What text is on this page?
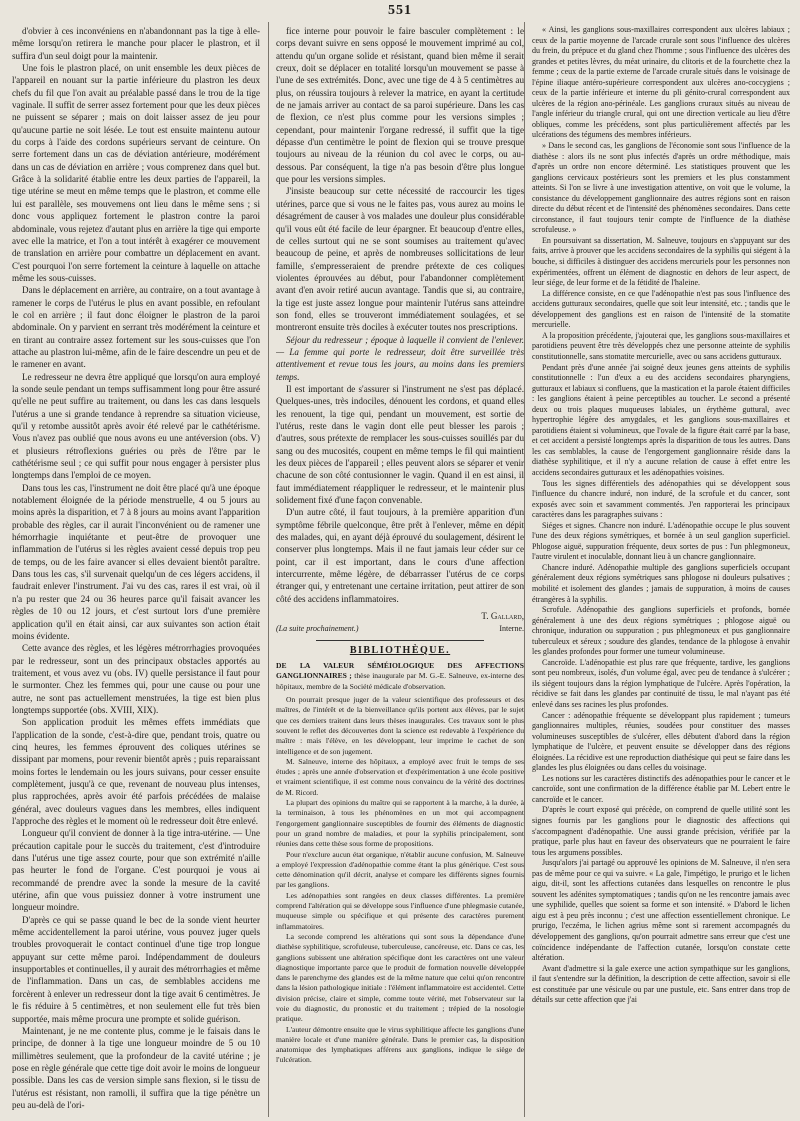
551

d'obvier à ces inconvéniens en n'abandonnant pas la tige à elle-même lorsqu'on retirera le manche pour placer le plastron, et il suffira d'un seul doigt pour la maintenir.

Une fois le plastron placé, on unit ensemble les deux pièces de l'appareil en nouant sur la partie inférieure du plastron les deux chefs du fil que l'on avait au préalable passé dans le trou de la tige vaginale. Il suffit de serrer assez fortement pour que les deux pièces ne puissent se séparer ; mais on doit laisser assez de jeu pour qu'aucune partie ne soit lésée. Le tout est ensuite maintenu autour du corps à l'aide des cordons supérieurs servant de ceinture. On serre fortement dans un cas de déviation antérieure, modérément dans un cas de déviation en arrière ; vous comprenez dans quel but. Grâce à la solidarité établie entre les deux parties de l'appareil, la tige utérine se meut en même temps que le plastron, et comme elle lui est parallèle, ses mouvemens ont lieu dans le même sens ; si donc vous appliquez fortement le plastron contre la paroi abdominale, vous rejetez d'autant plus en arrière la tige qui emporte avec elle la matrice, et l'on a tout intérêt à exagérer ce mouvement de translation en arrière pour combattre un déplacement en avant. C'est pourquoi l'on serre fortement la ceinture à laquelle on attache même les sous-cuisses.

Dans le déplacement en arrière, au contraire, on a tout avantage à ramener le corps de l'utérus le plus en avant possible, en refoulant le col en arrière ; il faut donc éloigner le plastron de la paroi abdominale. On y parvient en serrant très modérément la ceinture et en tirant au contraire assez fortement sur les sous-cuisses que l'on attache au plastron lui-même, afin de le faire descendre un peu et de le ramener en avant.

Le redresseur ne devra être appliqué que lorsqu'on aura employé la sonde seule pendant un temps suffisamment long pour être assuré qu'elle ne peut suffire au traitement, ou dans les cas dans lesquels l'utérus a une si grande tendance à reprendre sa situation vicieuse, qu'il y retombe aussitôt après avoir été relevé par le cathétérisme. Vous n'avez pas oublié que nous avons eu une antéversion (obs. V) et plusieurs rétroflexions guéries ou près de l'être par le cathétérisme seul ; ce qui suffit pour nous engager à persister plus longtemps dans l'emploi de ce moyen.

Dans tous les cas, l'instrument ne doit être placé qu'à une époque notablement éloignée de la période menstruelle, 4 ou 5 jours au moins après la disparition, et 7 à 8 jours au moins avant l'apparition probable des règles, car il aurait l'inconvénient ou de ramener une hémorrhagie inquiétante et peut-être de provoquer une inflammation de l'utérus si les règles avaient cessé depuis trop peu de temps, ou de les faire avancer si elles devaient bientôt paraître. Dans tous les cas, s'il survenait quelqu'un de ces légers accidens, il faudrait enlever l'instrument. J'ai vu des cas, rares il est vrai, où il n'a pu rester que 24 ou 36 heures parce qu'il faisait avancer les règles de 10 ou 12 jours, et c'est surtout lors d'une première application qu'il en était ainsi, car aux suivantes son action était moins évidente.

Cette avance des règles, et les légères métrorrhagies provoquées par le redresseur, sont un des principaux obstacles apportés au traitement, et vous avez vu (obs. IV) quelle persistance il faut pour le surmonter. Chez les femmes qui, pour une cause ou pour une autre, ne sont pas actuellement menstruées, la tige est bien plus longtemps supportée (obs. XVIII, XIX).

Son application produit les mêmes effets immédiats que l'application de la sonde, c'est-à-dire que, pendant trois, quatre ou cinq heures, les femmes éprouvent des coliques utérines se dissipant par momens, pour revenir bientôt après ; puis reparaissant moins fortes le lendemain ou les jours suivans, pour cesser ensuite complètement, jusqu'à ce que, revenant de nouveau plus intenses, plus rapprochées, après avoir été parfois précédées de malaise général, avec douleurs vagues dans les membres, elles indiquent l'approche des règles et le moment où le redresseur doit être enlevé.

Longueur qu'il convient de donner à la tige intra-utérine. — Une précaution capitale pour le succès du traitement, c'est d'introduire dans l'utérus une tige assez courte, pour que son extrémité n'aille pas heurter le fond de l'organe. C'est pourquoi je vous ai recommandé de prendre avec la sonde la mesure de la cavité utérine, afin que vous puissiez donner à votre instrument une longueur moindre.

D'après ce qui se passe quand le bec de la sonde vient heurter même accidentellement la paroi utérine, vous pouvez juger quels troubles provoquerait le contact continuel d'une tige trop longue appuyant sur cette même paroi. Indépendamment de douleurs insupportables et continuelles, il y aurait des métrorrhagies et même de l'inflammation. Dans un cas, de semblables accidens me forcèrent à enlever un redresseur dont la tige avait 6 centimètres. Je le fis réduire à 5 centimètres, et non seulement elle fut très bien supportée, mais même procura une prompte et solide guérison.

Maintenant, je ne me contente plus, comme je le faisais dans le principe, de donner à la tige une longueur moindre de 5 ou 10 millimètres seulement, que la profondeur de la cavité utérine ; je pose en règle générale que cette tige doit avoir le moins de longueur possible. Dans les cas de version simple sans flexion, si le tissu de l'utérus est résistant, non ramolli, il suffira que la tige pénètre un peu au-delà de l'ori-

fice interne pour pouvoir le faire basculer complètement : le corps devant suivre en sens opposé le mouvement imprimé au col, attendu qu'un organe solide et résistant, quand bien même il serait creux, doit se déplacer en totalité lorsqu'un mouvement se passe à l'une de ses extrémités. Donc, avec une tige de 4 à 5 centimètres au plus, on réussira toujours à relever la matrice, en ayant la certitude de ne jamais arriver au contact de sa paroi supérieure. Dans les cas de flexion, ce n'est plus comme pour les versions simples ; cependant, pour maintenir l'organe redressé, il suffit que la tige dépasse d'un centimètre le point de flexion qui se trouve presque toujours au niveau de la réunion du col avec le corps, ou au-dessous. Par conséquent, la tige n'a pas besoin d'être plus longue que pour les versions simples.

J'insiste beaucoup sur cette nécessité de raccourcir les tiges utérines, parce que si vous ne le faites pas, vous aurez au moins le désagrément de causer à vos malades une douleur plus considérable qu'il vous eût été facile de leur épargner. Et beaucoup d'entre elles, de celles surtout qui ne se sont soumises au traitement qu'avec beaucoup de peine, et après de nombreuses sollicitations de leur famille, s'empresseraient de prendre prétexte de ces coliques violentes éprouvées au début, pour l'abandonner complètement avant d'en avoir retiré aucun avantage. Tandis que si, au contraire, la tige est juste assez longue pour maintenir l'utérus sans atteindre son fond, elles se trouveront immédiatement soulagées, et se montreront ensuite très dociles à exécuter toutes nos prescriptions.

Séjour du redresseur ; époque à laquelle il convient de l'enlever. — La femme qui porte le redresseur, doit être surveillée très attentivement et revue tous les jours, au moins dans les premiers temps.

Il est important de s'assurer si l'instrument ne s'est pas déplacé. Quelques-unes, très indociles, dénouent les cordons, et quand elles les renouent, la tige qui, pendant un mouvement, est sortie de l'utérus, reste dans le vagin dont elle peut blesser les parois ; d'autres, sous prétexte de remplacer les sous-cuisses souillés par du sang ou des mucosités, coupent en même temps le fil qui maintient les deux pièces de l'appareil ; elles peuvent alors se séparer et venir chacune de son côté contusionner le vagin. Quand il en est ainsi, il faut immédiatement réappliquer le redresseur, et le maintenir plus solidement fixé d'une façon convenable.

D'un autre côté, il faut toujours, à la première apparition d'un symptôme fébrile quelconque, être prêt à l'enlever, même en dépit des malades, qui, en ayant déjà éprouvé du soulagement, désirent le conserver plus longtemps. Mais il ne faut jamais leur céder sur ce point, car il est important, dans le cours d'une affection intercurrente, même légère, de débarrasser l'utérus de ce corps étranger qui, y entretenant une certaine irritation, peut attirer de son côté des accidens inflammatoires.

T. Gallard,
(La suite prochainement.)	Interne.
BIBLIOTHÈQUE.

DE LA VALEUR SÉMÉIOLOGIQUE DES AFFECTIONS GANGLIONNAIRES ; thèse inaugurale par M. G.-E. Salneuve, ex-interne des hôpitaux, membre de la Société médicale d'observation.

On pourrait presque juger de la valeur scientifique des professeurs et des maîtres, de l'intérêt et de la bienveillance qu'ils portent aux élèves, par le sujet que ces derniers traitent dans leurs thèses inaugurales. Ces travaux sont le plus souvent le reflet des découvertes dont la science est redevable à l'expérience du maître : mais l'élève, en les développant, leur imprime le cachet de son intelligence et de son jugement.

M. Salneuve, interne des hôpitaux, a employé avec fruit le temps de ses études ; après une année d'observation et d'expérimentation à une école positive et vraiment scientifique, il est comme nous convaincu de la vérité des doctrines de M. Ricord.

La plupart des opinions du maître qui se rapportent à la marche, à la durée, à la terminaison, à tous les phénomènes en un mot qui accompagnent l'engorgement ganglionnaire susceptibles de fournir des éléments de diagnostic pour un grand nombre de maladies, et pour la syphilis principalement, sont réunies dans cette thèse sous forme de propositions.

Pour n'exclure aucun état organique, n'établir aucune confusion, M. Salneuve a employé l'expression d'adénopathie comme étant la plus générique. C'est sous cette dénomination qu'il décrit, analyse et compare les différents signes fournis par les ganglions.

Les adénopathies sont rangées en deux classes différentes. La première comprend l'altération qui se développe sous l'influence d'une phlegmasie cutanée, muqueuse simple ou spécifique et qui présente des caractères purement inflammatoires.

La seconde comprend les altérations qui sont sous la dépendance d'une diathèse syphilitique, scrofuleuse, tuberculeuse, cancéreuse, etc. Dans ce cas, les ganglions subissent une altération spécifique dont les caractères ont une valeur diagnostique importante parce que le produit de formation nouvelle développée dans le parenchyme des glandes est de la même nature que celui qu'on rencontre dans la lésion pathologique initiale : l'élément inflammatoire est accidentel. Cette division précise, claire et simple, comme toute vérité, met l'observateur sur la voie du diagnostic, du pronostic et du traitement ; trépied de la nosologie pratique.

L'auteur démontre ensuite que le virus syphilitique affecte les ganglions d'une manière locale et d'une manière générale. Dans le premier cas, la disposition anatomique des lymphatiques afférens aux ganglions, indique le siège de l'ulcération.

« Ainsi, les ganglions sous-maxillaires correspondent aux ulcères labiaux ; ceux de la partie moyenne de l'arcade crurale sont sous l'influence des ulcères du frein, du prépuce et du gland chez l'homme ; sous l'influence des ulcères des grandes et petites lèvres, du méat urinaire, du clitoris et de la fourchette chez la femme ; ceux de la partie externe de l'arcade crurale situés dans le voisinage de l'épine iliaque antéro-supérieure correspondent aux ulcères ano-coccygiens ; ceux de la partie inférieure et interne du pli génito-crural correspondent aux ulcères de la région ano-périnéale. Les ganglions cruraux situés au niveau de l'angle inférieur du triangle crural, qui ont une direction verticale au lieu d'être obliques, comme les précédens, sont plus particulièrement affectés par les ulcérations des tégumens des membres inférieurs.

» Dans le second cas, les ganglions de l'économie sont sous l'influence de la diathèse : alors ils ne sont plus infectés d'après un ordre méthodique, mais d'après un ordre non encore déterminé. Les statistiques prouvent que les ganglions cervicaux postérieurs sont les premiers et les plus constamment atteints. Si l'on se livre à une investigation attentive, on voit que le volume, la consistance du développement ganglionnaire des autres régions sont en raison directe du début récent et de l'intensité des phénomènes secondaires. Dans cette circonstance, il faut toujours tenir compte de l'influence de la diathèse scrofuleuse. »

En poursuivant sa dissertation, M. Salneuve, toujours en s'appuyant sur des faits, arrive à prouver que les accidens secondaires de la syphilis qui siégent à la bouche, si difficiles à distinguer des accidens mercuriels pour les personnes non expérimentées, offrent un élément de diagnostic en dehors de leur aspect, de leur siége, de leur forme et de la fétidité de l'haleine.

La différence consiste, en ce que l'adénopathie n'est pas sous l'influence des accidens gutturaux secondaires, quelle que soit leur intensité, etc. ; tandis que le développement des ganglions est en raison de l'intensité de la stomatite mercurielle.

A la proposition précédente, j'ajouterai que, les ganglions sous-maxillaires et parotidiens peuvent être très développés chez une personne atteinte de syphilis constitutionnelle, sans stomatite mercurielle, avec ou sans accidens gutturaux.

Pendant près d'une année j'ai soigné deux jeunes gens atteints de syphilis constitutionnelle : l'un d'eux a eu des accidens secondaires pharyngiens, gutturaux et labiaux si confluens, que la mastication et la parole étaient difficiles : les ganglions étaient à peine perceptibles au toucher. Le second a présenté deux ou trois plaques muqueuses labiales, un érythème guttural, avec hypertrophie légère des amygdales, et les ganglions sous-maxillaires et parotidiens étaient si volumineux, que l'ovale de la figure était carré par la base, et cet accident a persisté longtemps après la disparition de tous les autres. Dans les cas semblables, la cause de l'engorgement ganglionnaire réside dans la diathèse syphilitique, et il n'y a aucune relation de cause à effet entre les accidens secondaires gutturaux et les adénopathies voisines.

Tous les signes différentiels des adénopathies qui se développent sous l'influence du chancre induré, non induré, de la scrofule et du cancer, sont exposés avec soin et savamment commentés. J'en rapporterai les principaux caractères dans les paragraphes suivans :

Siéges et signes. Chancre non induré. L'adénopathie occupe le plus souvent l'une des deux régions symétriques, et bornée à un seul ganglion superficiel. Phlogose aiguë, suppuration fréquente, deux sortes de pus : l'un phlegmoneux, l'autre virulent et inoculable, donnant lieu à un chancre ganglionnaire.

Chancre induré. Adénopathie multiple des ganglions superficiels occupant généralement deux régions symétriques sans phlogose ni douleurs pulsatives ; mobilité et isolement des glandes ; jamais de suppuration, à moins de causes étrangères à la syphilis.

Scrofule. Adénopathie des ganglions superficiels et profonds, bornée généralement à une des deux régions symétriques ; phlogose aiguë ou chronique, induration ou suppuration ; pus phlegmoneux et pus ganglionnaire tuberculeux et séreux ; soudure des glandes, tendance de la phlogose à envahir les glandes profondes pour former une tumeur volumineuse.

Cancroïde. L'adénopathie est plus rare que fréquente, tardive, les ganglions sont peu nombreux, isolés, d'un volume égal, avec peu de tendance à s'ulcérer ; ils siégent toujours dans la région lymphatique de l'ulcère. Après l'opération, la récidive se fait dans les glandes par continuité de tissu, le mal n'ayant pas été enlevé dans ses racines les plus profondes.

Cancer : adénopathie fréquente se développant plus rapidement ; tumeurs ganglionnaires multiples, réunies, soudées pour constituer des masses volumineuses susceptibles de s'ulcérer, elles débutent d'abord dans la région lymphatique de l'ulcère, et peuvent ensuite se développer dans des régions éloignées. La récidive est une reproduction diathésique qui peut se faire dans les glandes les plus éloignées ou dans celles du voisinage.

Les notions sur les caractères distinctifs des adénopathies pour le cancer et le cancroïde, sont une confirmation de la différence établie par M. Lebert entre le cancroïde et le cancer.

D'après le court exposé qui précède, on comprend de quelle utilité sont les signes fournis par les ganglions pour le diagnostic des affections qui s'accompagnent d'adénopathie. Une aussi grande précision, vérifiée par la pratique, parle plus haut en faveur des observateurs que ne pourraient le faire tous les argumens possibles.

Jusqu'alors j'ai partagé ou approuvé les opinions de M. Salneuve, il n'en sera pas de même pour ce qui va suivre. « La gale, l'impétigo, le prurigo et le lichen aigu, dit-il, sont les affections cutanées dans lesquelles on rencontre le plus souvent les adénites symptomatiques ; tandis qu'on ne les rencontre jamais avec une syphilide, quelles que soient sa forme et son intensité. » D'abord le lichen aigu est à peu près inconnu ; c'est une affection essentiellement chronique. Le prurigo, l'eczéma, le lichen agrius même sont si rarement accompagnés du développement des ganglions, qu'on pourrait admettre sans erreur que c'est une coïncidence indépendante de l'affection cutanée, lorsqu'on constate cette altération.

Avant d'admettre si la gale exerce une action sympathique sur les ganglions, il faut s'entendre sur la définition, la description de cette affection, savoir si elle est constituée par une vésicule ou par une pustule, etc. Sans entrer dans trop de détails sur cette affection que j'ai
